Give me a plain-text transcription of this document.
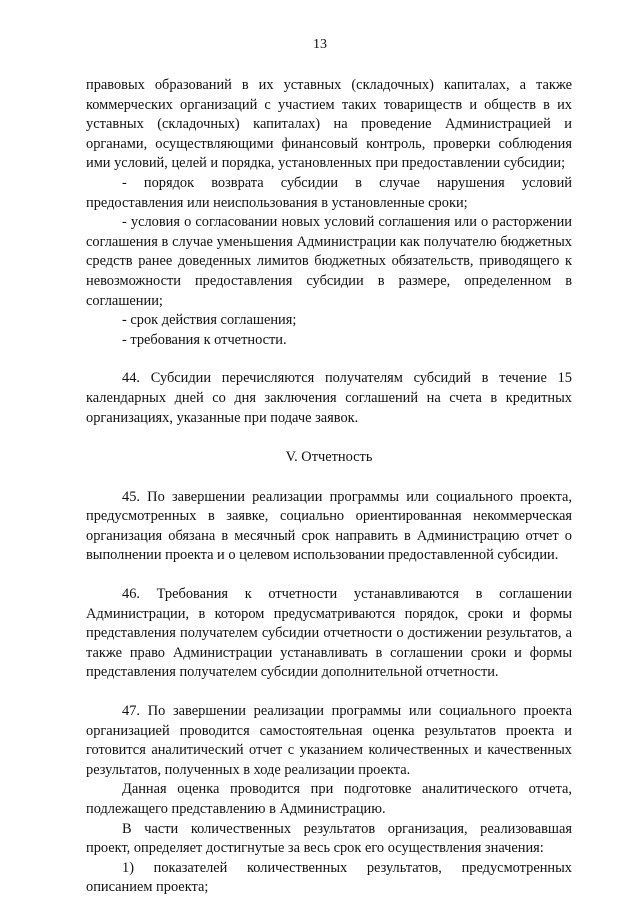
13

правовых образований в их уставных (складочных) капиталах, а также коммерческих организаций с участием таких товариществ и обществ в их уставных (складочных) капиталах) на проведение Администрацией и органами, осуществляющими финансовый контроль, проверки соблюдения ими условий, целей и порядка, установленных при предоставлении субсидии;

- порядок возврата субсидии в случае нарушения условий предоставления или неиспользования в установленные сроки;

- условия о согласовании новых условий соглашения или о расторжении соглашения в случае уменьшения Администрации как получателю бюджетных средств ранее доведенных лимитов бюджетных обязательств, приводящего к невозможности предоставления субсидии в размере, определенном в соглашении;

- срок действия соглашения;

- требования к отчетности.

44. Субсидии перечисляются получателям субсидий в течение 15 календарных дней со дня заключения соглашений на счета в кредитных организациях, указанные при подаче заявок.

V. Отчетность

45. По завершении реализации программы или социального проекта, предусмотренных в заявке, социально ориентированная некоммерческая организация обязана в месячный срок направить в Администрацию отчет о выполнении проекта и о целевом использовании предоставленной субсидии.

46. Требования к отчетности устанавливаются в соглашении Администрации, в котором предусматриваются порядок, сроки и формы представления получателем субсидии отчетности о достижении результатов, а также право Администрации устанавливать в соглашении сроки и формы представления получателем субсидии дополнительной отчетности.

47. По завершении реализации программы или социального проекта организацией проводится самостоятельная оценка результатов проекта и готовится аналитический отчет с указанием количественных и качественных результатов, полученных в ходе реализации проекта.

Данная оценка проводится при подготовке аналитического отчета, подлежащего представлению в Администрацию.

В части количественных результатов организация, реализовавшая проект, определяет достигнутые за весь срок его осуществления значения:

1) показателей количественных результатов, предусмотренных описанием проекта;
